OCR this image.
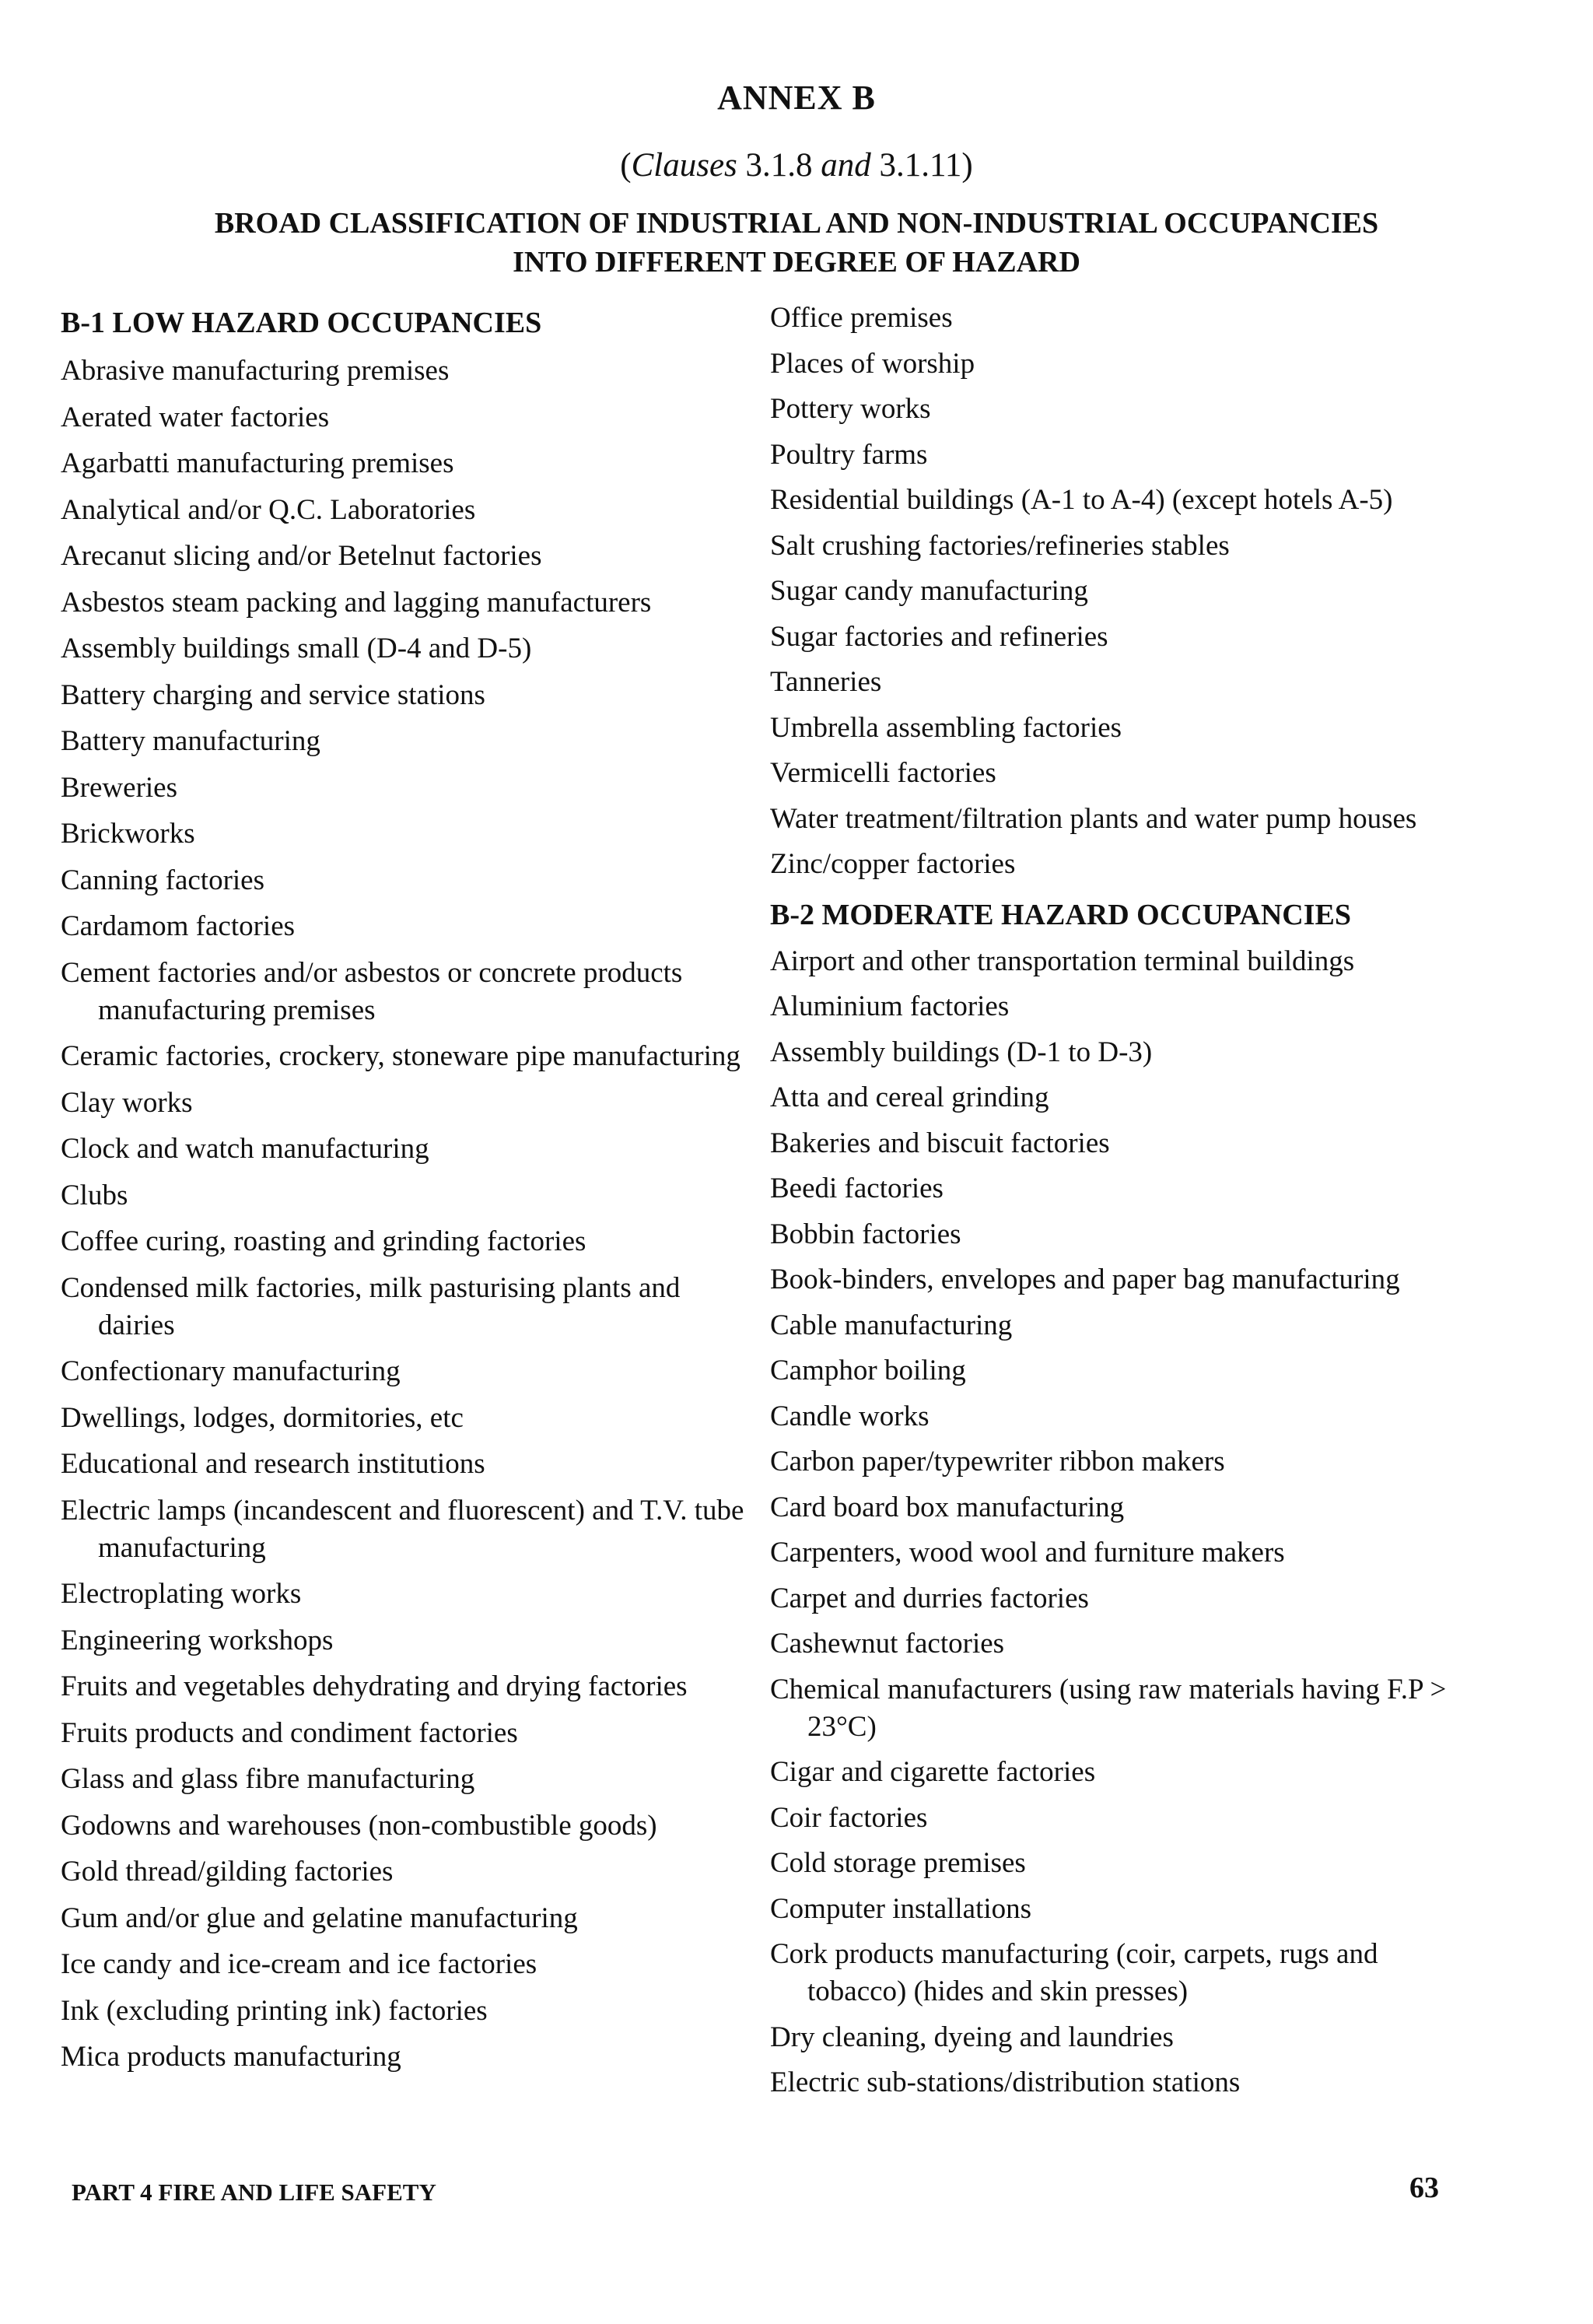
ANNEX B
(Clauses 3.1.8 and 3.1.11)
BROAD CLASSIFICATION OF INDUSTRIAL AND NON-INDUSTRIAL OCCUPANCIES
INTO DIFFERENT DEGREE OF HAZARD
B-1 LOW HAZARD OCCUPANCIES
Abrasive manufacturing premises
Aerated water factories
Agarbatti manufacturing premises
Analytical and/or Q.C. Laboratories
Arecanut slicing and/or Betelnut factories
Asbestos steam packing and lagging manufacturers
Assembly buildings small (D-4 and D-5)
Battery charging and service stations
Battery manufacturing
Breweries
Brickworks
Canning factories
Cardamom factories
Cement factories and/or asbestos or concrete products manufacturing premises
Ceramic factories, crockery, stoneware pipe manufacturing
Clay works
Clock and watch manufacturing
Clubs
Coffee curing, roasting and grinding factories
Condensed milk factories, milk pasturising plants and dairies
Confectionary manufacturing
Dwellings, lodges, dormitories, etc
Educational and research institutions
Electric lamps (incandescent and fluorescent) and T.V. tube manufacturing
Electroplating works
Engineering workshops
Fruits and vegetables dehydrating and drying factories
Fruits products and condiment factories
Glass and glass fibre manufacturing
Godowns and warehouses (non-combustible goods)
Gold thread/gilding factories
Gum and/or glue and gelatine manufacturing
Ice candy and ice-cream and ice factories
Ink (excluding printing ink) factories
Mica products manufacturing
Office premises
Places of worship
Pottery works
Poultry farms
Residential buildings (A-1 to A-4) (except hotels A-5)
Salt crushing factories/refineries stables
Sugar candy manufacturing
Sugar factories and refineries
Tanneries
Umbrella assembling factories
Vermicelli factories
Water treatment/filtration plants and water pump houses
Zinc/copper factories
B-2 MODERATE HAZARD OCCUPANCIES
Airport and other transportation terminal buildings
Aluminium factories
Assembly buildings (D-1 to D-3)
Atta and cereal grinding
Bakeries and biscuit factories
Beedi factories
Bobbin factories
Book-binders, envelopes and paper bag manufacturing
Cable manufacturing
Camphor boiling
Candle works
Carbon paper/typewriter ribbon makers
Card board box manufacturing
Carpenters, wood wool and furniture makers
Carpet and durries factories
Cashewnut factories
Chemical manufacturers (using raw materials having F.P > 23°C)
Cigar and cigarette factories
Coir factories
Cold storage premises
Computer installations
Cork products manufacturing (coir, carpets, rugs and tobacco) (hides and skin presses)
Dry cleaning, dyeing and laundries
Electric sub-stations/distribution stations
PART 4 FIRE AND LIFE SAFETY	63
